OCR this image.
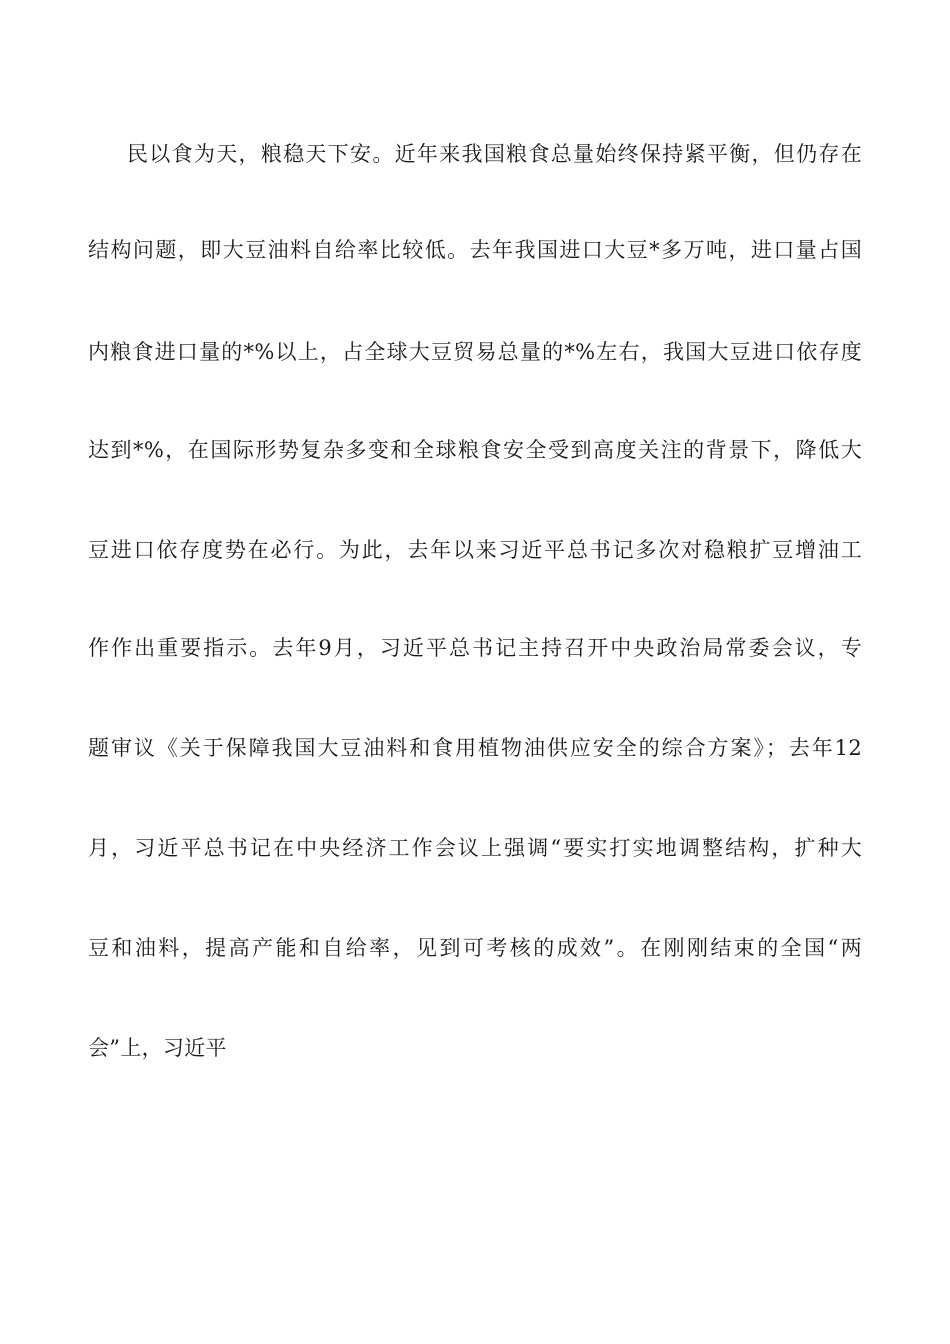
民以食为天，粮稳天下安。近年来我国粮食总量始终保持紧平衡，但仍存在
结构问题，即大豆油料自给率比较低。去年我国进口大豆*多万吨，进口量占国
内粮食进口量的*%以上，占全球大豆贸易总量的*%左右，我国大豆进口依存度
达到*%，在国际形势复杂多变和全球粮食安全受到高度关注的背景下，降低大
豆进口依存度势在必行。为此，去年以来习近平总书记多次对稳粮扩豆增油工
作作出重要指示。去年9月，习近平总书记主持召开中央政治局常委会议，专
题审议《关于保障我国大豆油料和食用植物油供应安全的综合方案》；去年12
月，习近平总书记在中央经济工作会议上强调“要实打实地调整结构，扩种大
豆和油料，提高产能和自给率，见到可考核的成效”。在刚刚结束的全国“两
会”上，习近平
